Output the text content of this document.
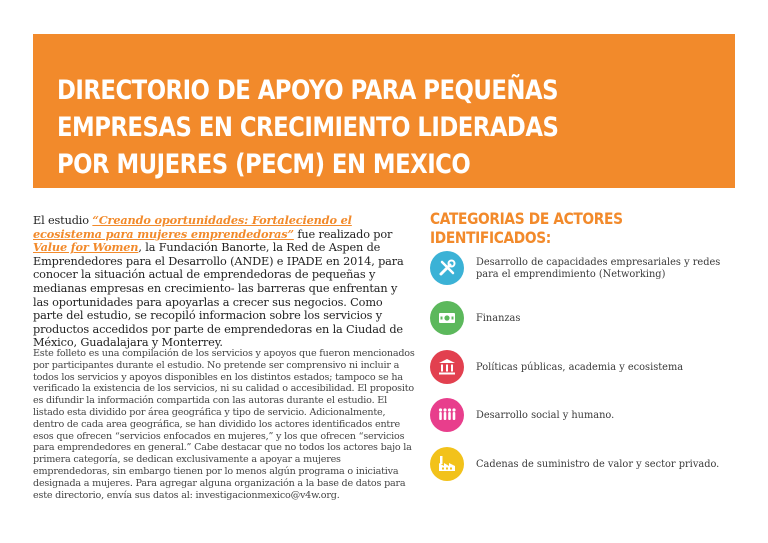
DIRECTORIO DE APOYO PARA PEQUEÑAS EMPRESAS EN CRECIMIENTO LIDERADAS POR MUJERES (PECM) EN MEXICO

El estudio “Creando oportunidades: Fortaleciendo el ecosistema para mujeres emprendedoras” fue realizado por Value for Women, la Fundación Banorte, la Red de Aspen de Emprendedores para el Desarrollo (ANDE) e IPADE en 2014, para conocer la situación actual de emprendedoras de pequeñas y medianas empresas en crecimiento- las barreras que enfrentan y las oportunidades para apoyarlas a crecer sus negocios. Como parte del estudio, se recopiló informacion sobre los servicios y productos accedidos por parte de emprendedoras en la Ciudad de México, Guadalajara y Monterrey.

Este folleto es una compilación de los servicios y apoyos que fueron mencionados por participantes durante el estudio. No pretende ser comprensivo ni incluir a todos los servicios y apoyos disponibles en los distintos estados; tampoco se ha verificado la existencia de los servicios, ni su calidad o accesibilidad. El proposito es difundir la información compartida con las autoras durante el estudio. El listado esta dividido por área geográfica y tipo de servicio. Adicionalmente, dentro de cada area geográfica, se han dividido los actores identificados entre esos que ofrecen “servicios enfocados en mujeres,” y los que ofrecen “servicios para emprendedores en general.” Cabe destacar que no todos los actores bajo la primera categoría, se dedican exclusivamente a apoyar a mujeres emprendedoras, sin embargo tienen por lo menos algún programa o iniciativa designada a mujeres. Para agregar alguna organización a la base de datos para este directorio, envía sus datos al: investigacionmexico@v4w.org.

CATEGORIAS DE ACTORES IDENTIFICADOS:
Desarrollo de capacidades empresariales y redes para el emprendimiento (Networking)
Finanzas
Políticas públicas, academia y ecosistema
Desarrollo social y humano.
Cadenas de suministro de valor y sector privado.
